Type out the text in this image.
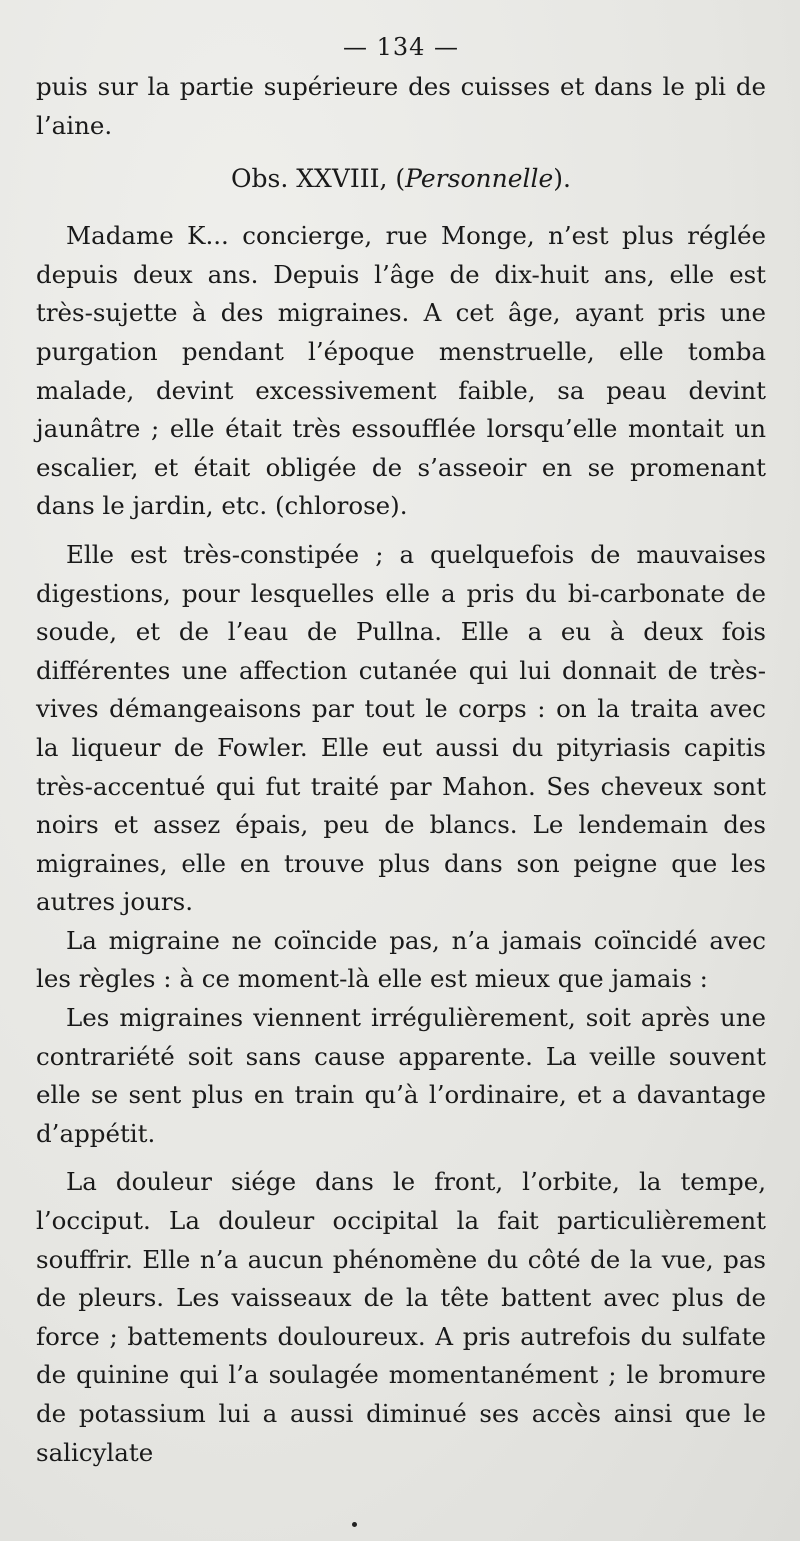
— 134 —

puis sur la partie supérieure des cuisses et dans le pli de l’aine.

Obs. XXVIII, (Personnelle).

Madame K... concierge, rue Monge, n’est plus réglée depuis deux ans. Depuis l’âge de dix-huit ans, elle est très-sujette à des migraines. A cet âge, ayant pris une purgation pendant l’époque menstruelle, elle tomba malade, devint excessivement faible, sa peau devint jaunâtre ; elle était très essoufflée lorsqu’elle montait un escalier, et était obligée de s’asseoir en se promenant dans le jardin, etc. (chlorose).

Elle est très-constipée ; a quelquefois de mauvaises digestions, pour lesquelles elle a pris du bi-carbonate de soude, et de l’eau de Pullna. Elle a eu à deux fois différentes une affection cutanée qui lui donnait de très-vives démangeaisons par tout le corps : on la traita avec la liqueur de Fowler. Elle eut aussi du pityriasis capitis très-accentué qui fut traité par Mahon. Ses cheveux sont noirs et assez épais, peu de blancs. Le lendemain des migraines, elle en trouve plus dans son peigne que les autres jours.

La migraine ne coïncide pas, n’a jamais coïncidé avec les règles : à ce moment-là elle est mieux que jamais :

Les migraines viennent irrégulièrement, soit après une contrariété soit sans cause apparente. La veille souvent elle se sent plus en train qu’à l’ordinaire, et a davantage d’appétit.

La douleur siége dans le front, l’orbite, la tempe, l’occiput. La douleur occipital la fait particulièrement souffrir. Elle n’a aucun phénomène du côté de la vue, pas de pleurs. Les vaisseaux de la tête battent avec plus de force ; battements douloureux. A pris autrefois du sulfate de quinine qui l’a soulagée momentanément ; le bromure de potassium lui a aussi diminué ses accès ainsi que le salicylate
